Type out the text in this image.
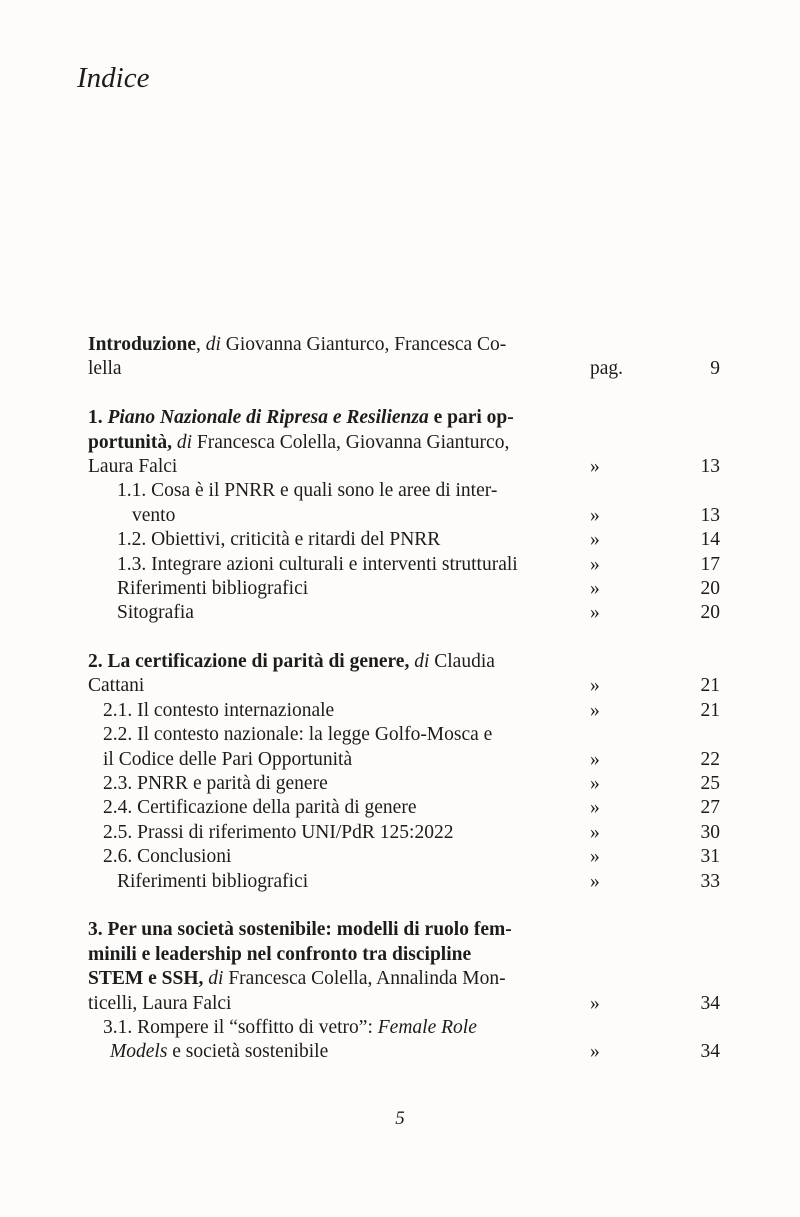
Indice
Introduzione, di Giovanna Gianturco, Francesca Co-
lella	pag.	9
1. Piano Nazionale di Ripresa e Resilienza e pari op-
portunità, di Francesca Colella, Giovanna Gianturco,
Laura Falci	»	13
1.1. Cosa è il PNRR e quali sono le aree di inter-
vento	»	13
1.2. Obiettivi, criticità e ritardi del PNRR	»	14
1.3. Integrare azioni culturali e interventi strutturali	»	17
Riferimenti bibliografici	»	20
Sitografia	»	20
2. La certificazione di parità di genere, di Claudia
Cattani	»	21
2.1. Il contesto internazionale	»	21
2.2. Il contesto nazionale: la legge Golfo-Mosca e
il Codice delle Pari Opportunità	»	22
2.3. PNRR e parità di genere	»	25
2.4. Certificazione della parità di genere	»	27
2.5. Prassi di riferimento UNI/PdR 125:2022	»	30
2.6. Conclusioni	»	31
Riferimenti bibliografici	»	33
3. Per una società sostenibile: modelli di ruolo fem-
minili e leadership nel confronto tra discipline
STEM e SSH, di Francesca Colella, Annalinda Mon-
ticelli, Laura Falci	»	34
3.1. Rompere il “soffitto di vetro”: Female Role
Models e società sostenibile	»	34
5
